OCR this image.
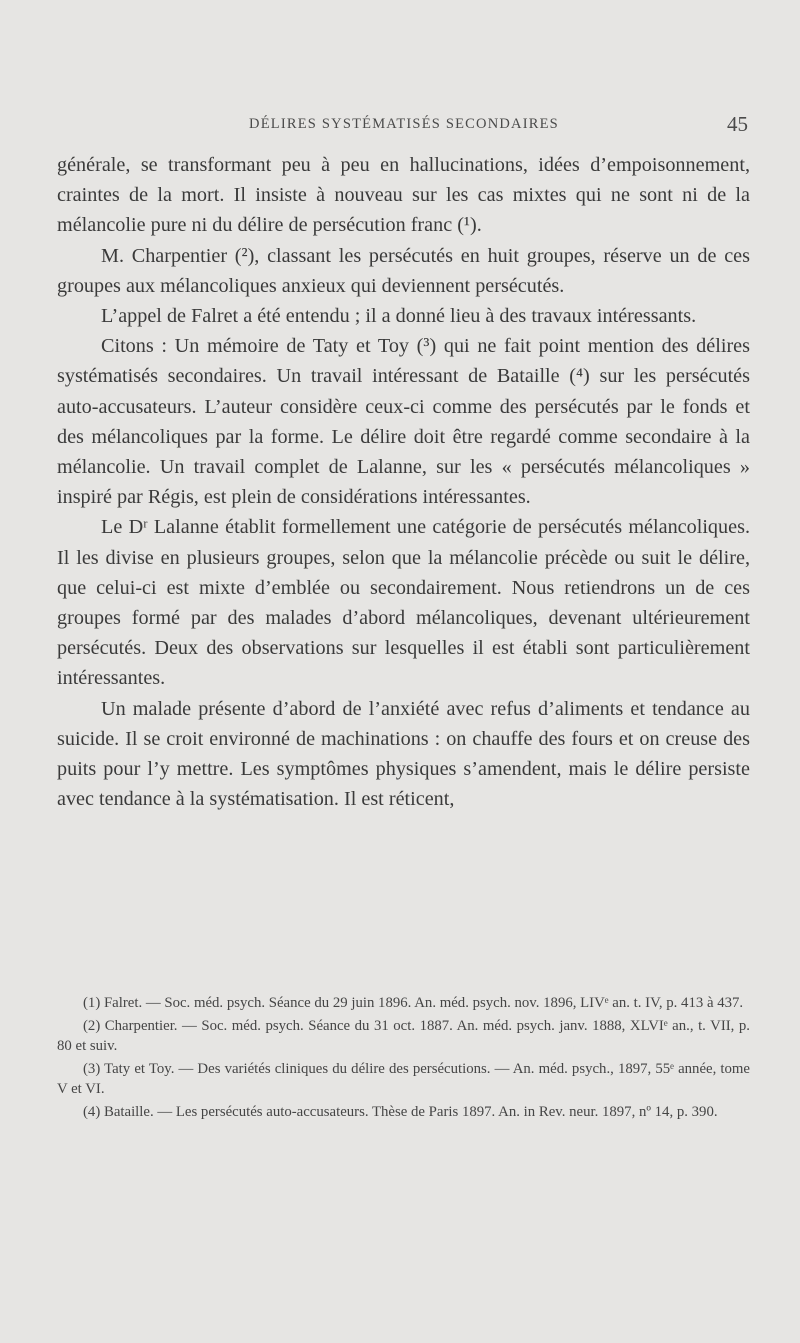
DÉLIRES SYSTÉMATISÉS SECONDAIRES	45

générale, se transformant peu à peu en hallucinations, idées d’empoisonnement, craintes de la mort. Il insiste à nouveau sur les cas mixtes qui ne sont ni de la mélancolie pure ni du délire de persécution franc (¹).

M. Charpentier (²), classant les persécutés en huit groupes, réserve un de ces groupes aux mélancoliques anxieux qui deviennent persécutés.

L’appel de Falret a été entendu ; il a donné lieu à des travaux intéressants.

Citons : Un mémoire de Taty et Toy (³) qui ne fait point mention des délires systématisés secondaires. Un travail intéressant de Bataille (⁴) sur les persécutés auto-accusateurs. L’auteur considère ceux-ci comme des persécutés par le fonds et des mélancoliques par la forme. Le délire doit être regardé comme secondaire à la mélancolie. Un travail complet de Lalanne, sur les « persécutés mélancoliques » inspiré par Régis, est plein de considérations intéressantes.

Le Dʳ Lalanne établit formellement une catégorie de persécutés mélancoliques. Il les divise en plusieurs groupes, selon que la mélancolie précède ou suit le délire, que celui-ci est mixte d’emblée ou secondairement. Nous retiendrons un de ces groupes formé par des malades d’abord mélancoliques, devenant ultérieurement persécutés. Deux des observations sur lesquelles il est établi sont particulièrement intéressantes.

Un malade présente d’abord de l’anxiété avec refus d’aliments et tendance au suicide. Il se croit environné de machinations : on chauffe des fours et on creuse des puits pour l’y mettre. Les symptômes physiques s’amendent, mais le délire persiste avec tendance à la systématisation. Il est réticent,

(1) Falret. — Soc. méd. psych. Séance du 29 juin 1896. An. méd. psych. nov. 1896, LIVᵉ an. t. IV, p. 413 à 437.

(2) Charpentier. — Soc. méd. psych. Séance du 31 oct. 1887. An. méd. psych. janv. 1888, XLVIᵉ an., t. VII, p. 80 et suiv.

(3) Taty et Toy. — Des variétés cliniques du délire des persécutions. — An. méd. psych., 1897, 55ᵉ année, tome V et VI.

(4) Bataille. — Les persécutés auto-accusateurs. Thèse de Paris 1897. An. in Rev. neur. 1897, nº 14, p. 390.
